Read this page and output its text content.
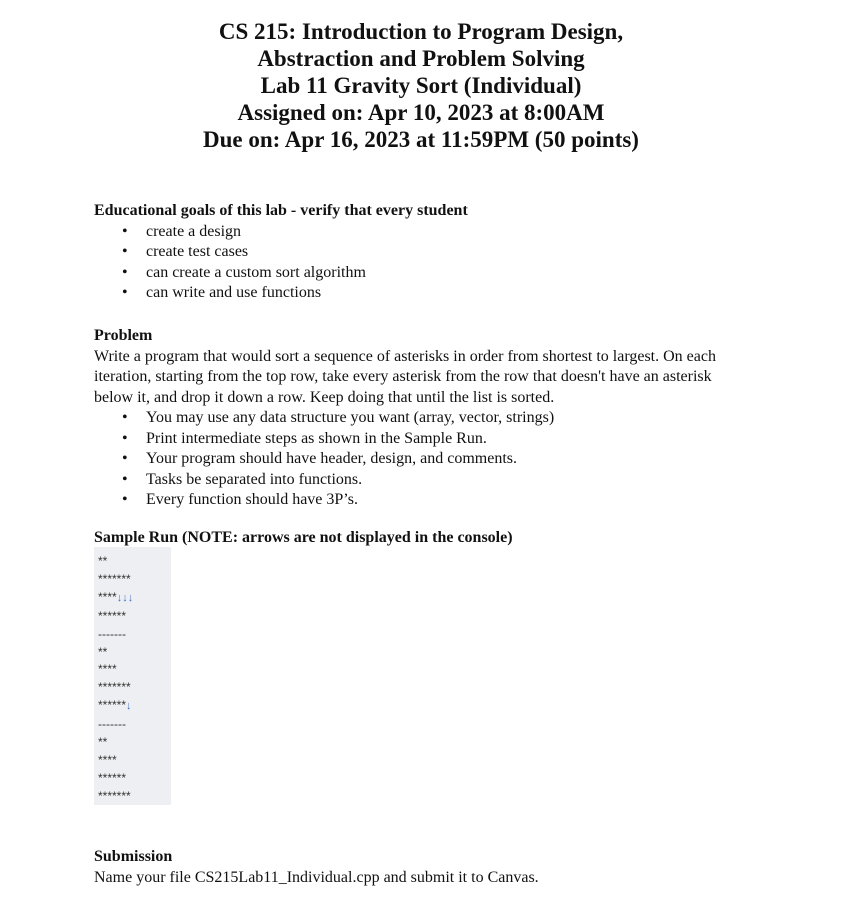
CS 215: Introduction to Program Design,
Abstraction and Problem Solving
Lab 11 Gravity Sort (Individual)
Assigned on: Apr 10, 2023 at 8:00AM
Due on: Apr 16, 2023 at 11:59PM (50 points)
Educational goals of this lab - verify that every student
• create a design
• create test cases
• can create a custom sort algorithm
• can write and use functions
Problem
Write a program that would sort a sequence of asterisks in order from shortest to largest. On each iteration, starting from the top row, take every asterisk from the row that doesn't have an asterisk below it, and drop it down a row. Keep doing that until the list is sorted.
• You may use any data structure you want (array, vector, strings)
• Print intermediate steps as shown in the Sample Run.
• Your program should have header, design, and comments.
• Tasks be separated into functions.
• Every function should have 3P’s.
Sample Run (NOTE: arrows are not displayed in the console)
**
*******
****↓↓↓
******
-------
**
****
*******
******↓
-------
**
****
******
*******
Submission
Name your file CS215Lab11_Individual.cpp and submit it to Canvas.
